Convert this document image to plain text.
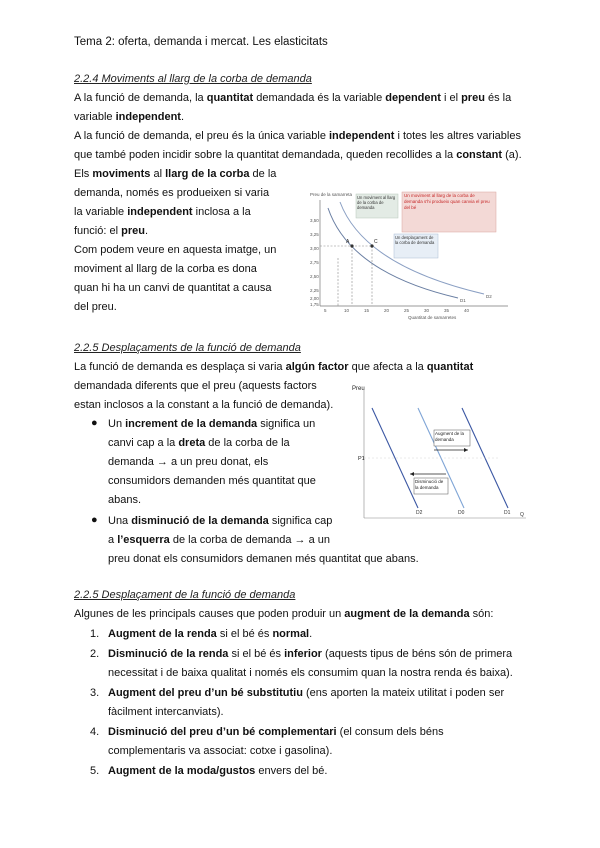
Tema 2: oferta, demanda i mercat. Les elasticitats
2.2.4 Moviments al llarg de la corba de demanda
A la funció de demanda, la quantitat demandada és la variable dependent i el preu és la
variable independent.
A la funció de demanda, el preu és la única variable independent i totes les altres variables
que també poden incidir sobre la quantitat demandada, queden recollides a la constant (a).
Els moviments al llarg de la corba de la
demanda, només es produeixen si varia
la variable independent inclosa a la
funció: el preu.
Com podem veure en aquesta imatge, un
moviment al llarg de la corba es dona
quan hi ha un canvi de quantitat a causa
del preu.
Preu de la samarreta
3,50
3,25
3,00
2,75
2,50
2,25
2,00
1,75
5	10	15	20	25	30	35	40
Quantitat de samarretes
D1
D2
A	C
Un moviment al llarg de la corba de demanda
Un moviment al llarg de la corba de demanda s'hi produeix quan canvia el preu del bé
Un desplaçament de la corba de demanda
2.2.5 Desplaçaments de la funció de demanda
La funció de demanda es desplaça si varia algún factor que afecta a la quantitat
demandada diferents que el preu (aquests factors
estan inclosos a la constant a la funció de demanda).
● Un increment de la demanda significa un
canvi cap a la dreta de la corba de la
demanda → a un preu donat, els
consumidors demanden més quantitat que
abans.
● Una disminució de la demanda significa cap
a l’esquerra de la corba de demanda → a un
preu donat els consumidors demanen més quantitat que abans.
Preu
P1
D2	D0	D1 Q
Augment de la demanda
Disminució de la demanda
2.2.5 Desplaçament de la funció de demanda
Algunes de les principals causes que poden produir un augment de la demanda són:
1. Augment de la renda si el bé és normal.
2. Disminució de la renda si el bé és inferior (aquests tipus de béns són de primera
necessitat i de baixa qualitat i només els consumim quan la nostra renda és baixa).
3. Augment del preu d’un bé substitutiu (ens aporten la mateix utilitat i poden ser
fàcilment intercanviats).
4. Disminució del preu d’un bé complementari (el consum dels béns
complementaris va associat: cotxe i gasolina).
5. Augment de la moda/gustos envers del bé.
